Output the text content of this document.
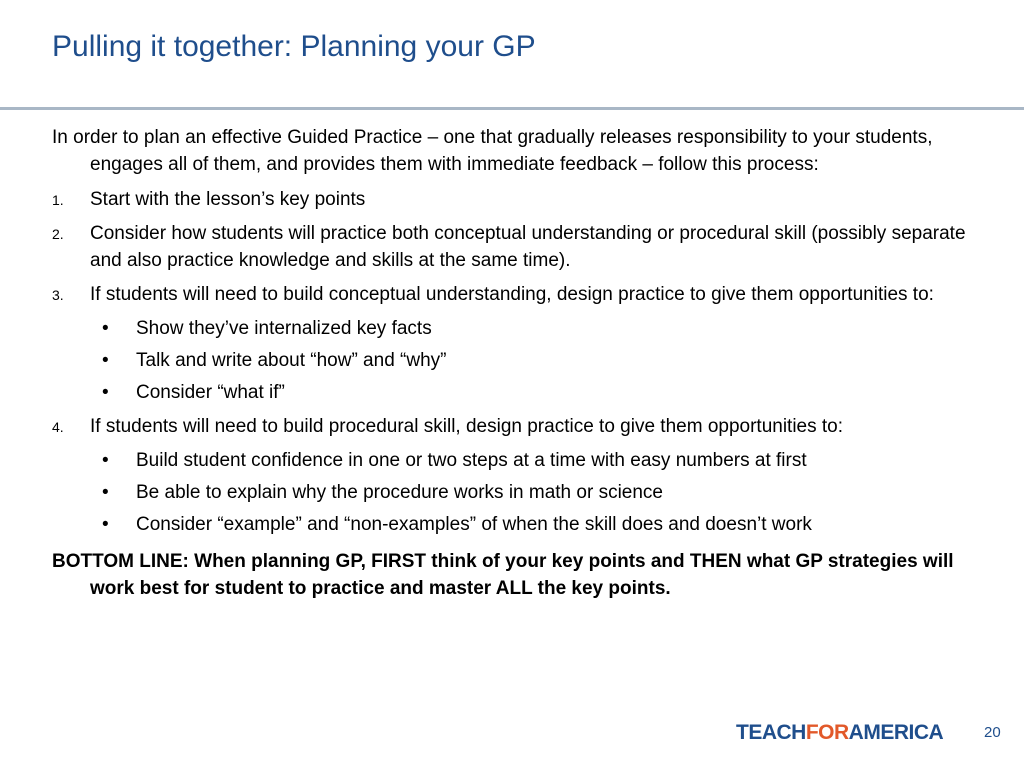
Pulling it together: Planning your GP

In order to plan an effective Guided Practice – one that gradually releases responsibility to your students, engages all of them, and provides them with immediate feedback – follow this process:

1. Start with the lesson’s key points
2. Consider how students will practice both conceptual understanding or procedural skill (possibly separate and also practice knowledge and skills at the same time).
3. If students will need to build conceptual understanding, design practice to give them opportunities to:
• Show they’ve internalized key facts
• Talk and write about “how” and “why”
• Consider “what if”
4. If students will need to build procedural skill, design practice to give them opportunities to:
• Build student confidence in one or two steps at a time with easy numbers at first
• Be able to explain why the procedure works in math or science
• Consider “example” and “non-examples” of when the skill does and doesn’t work

BOTTOM LINE: When planning GP, FIRST think of your key points and THEN what GP strategies will work best for student to practice and master ALL the key points.

TEACHFORAMERICA	20
